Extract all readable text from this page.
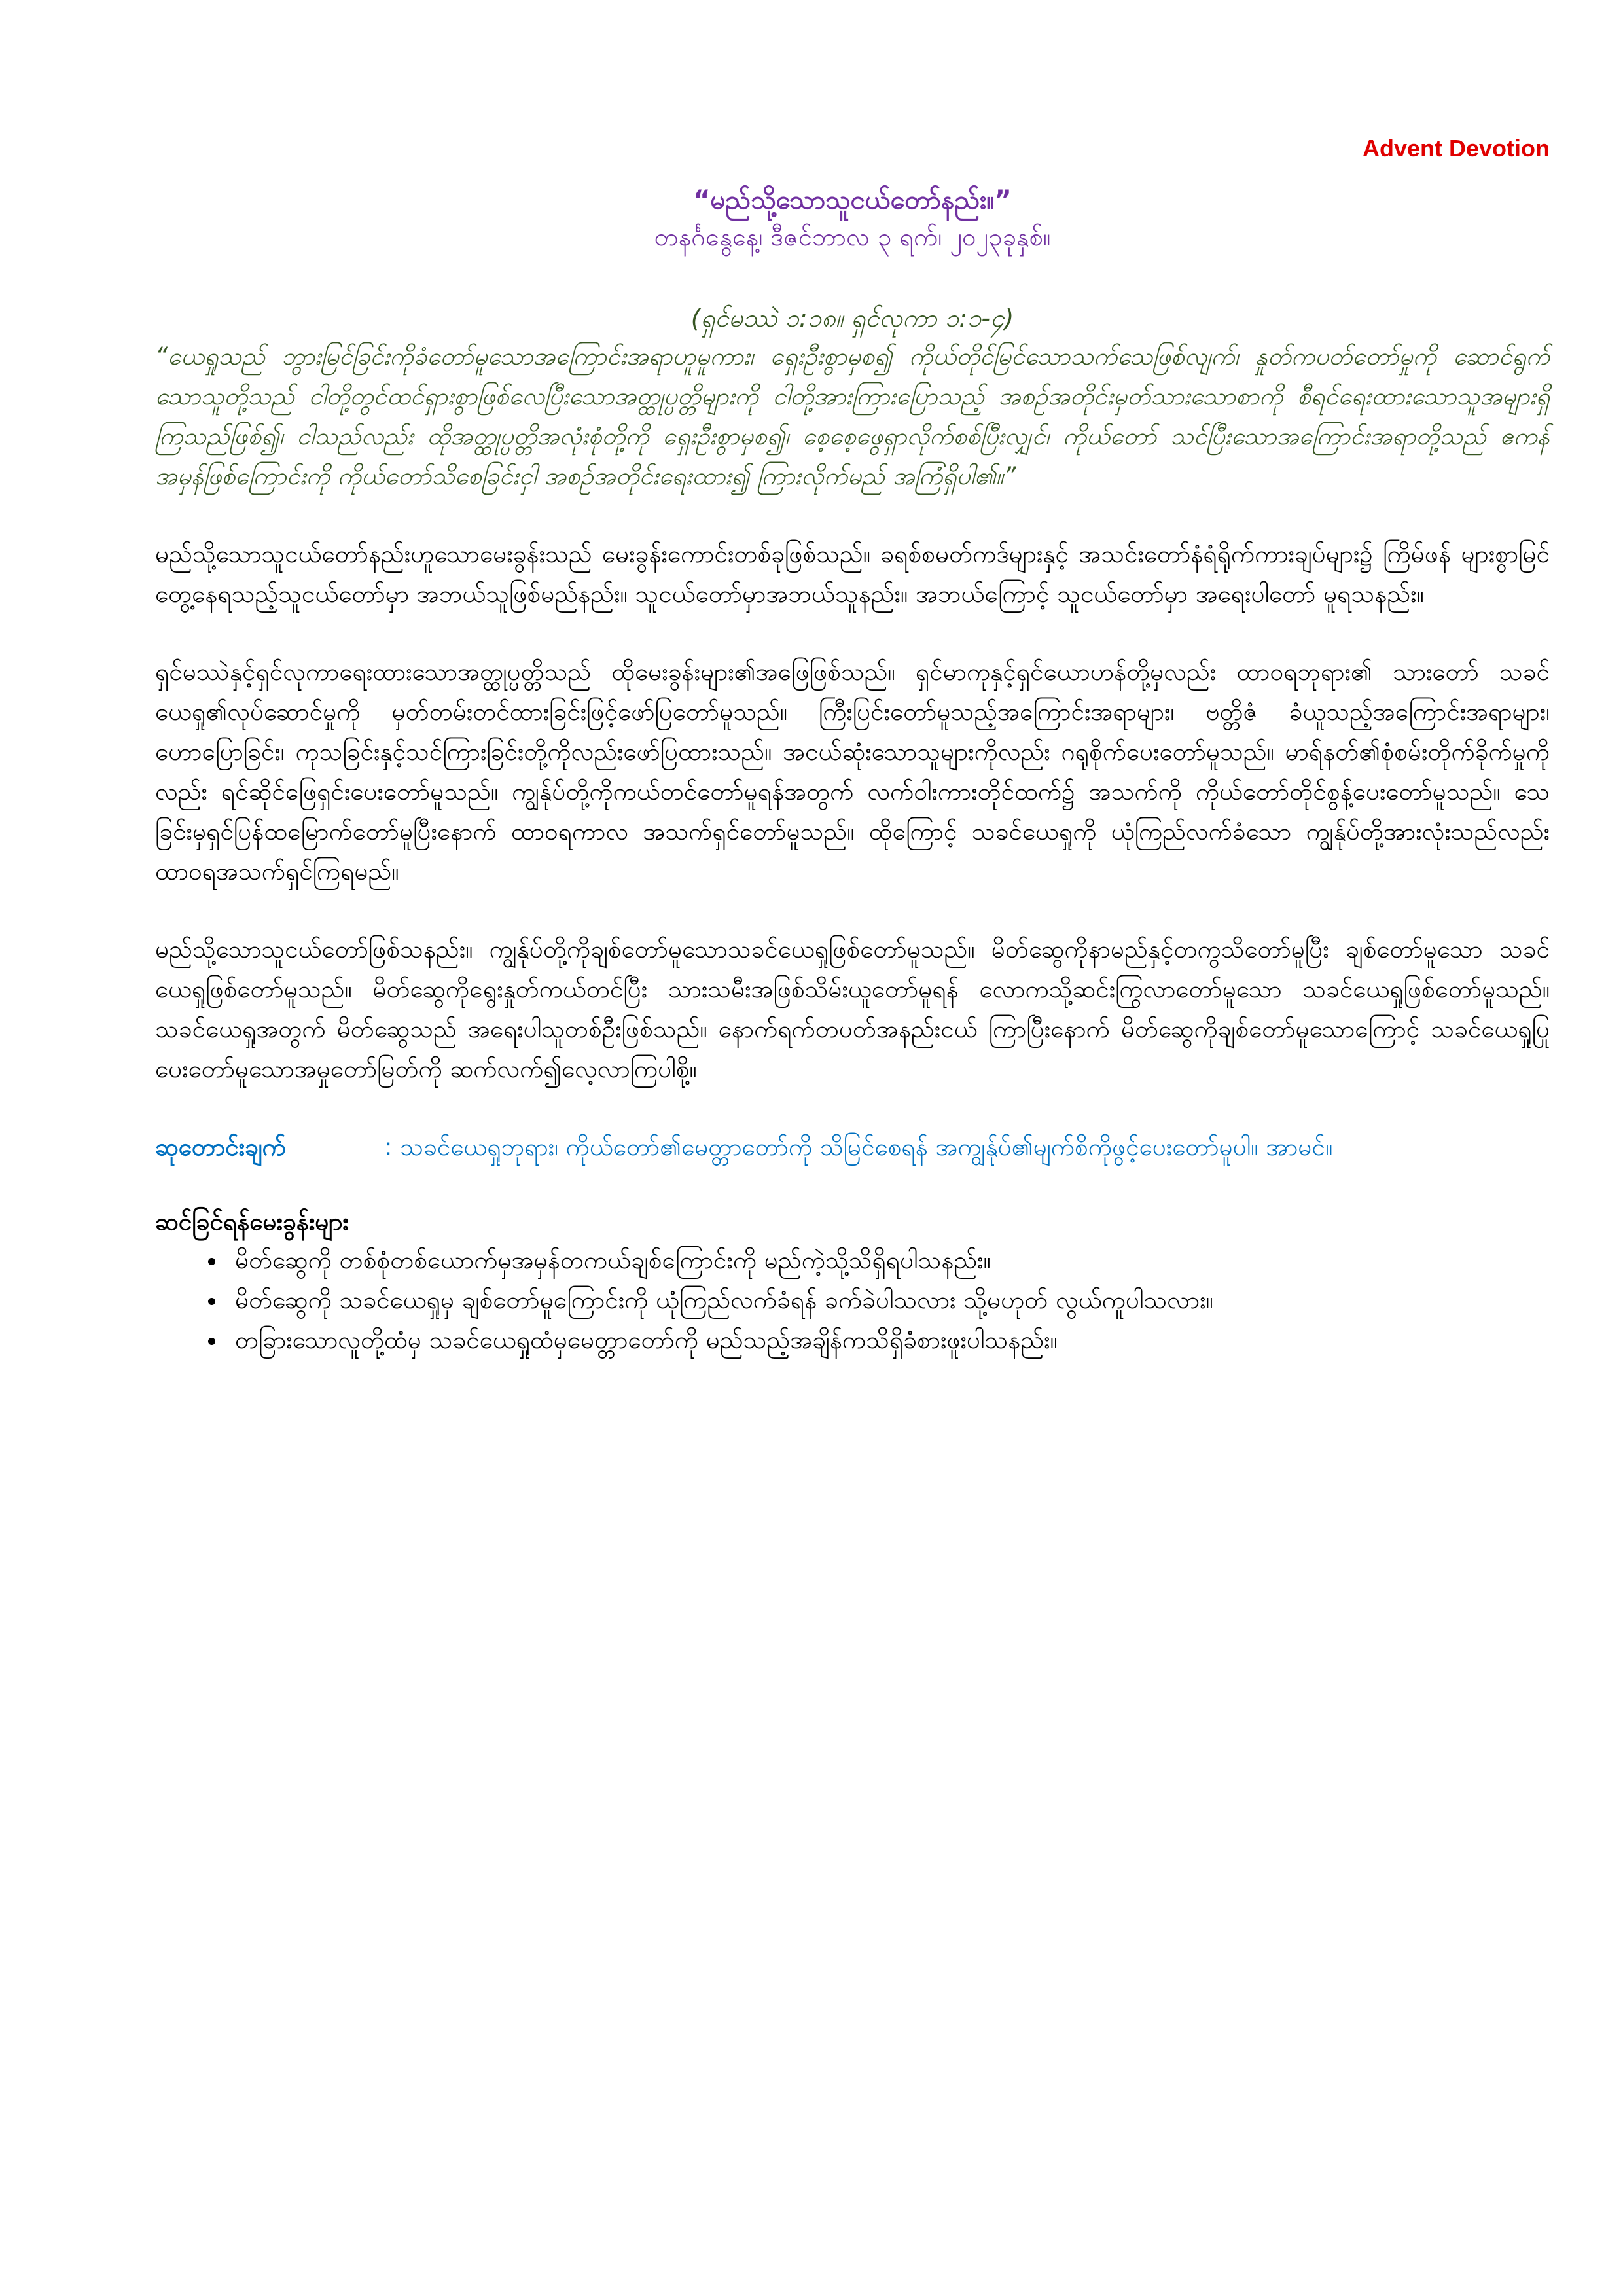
Advent Devotion
“မည်သို့သောသူငယ်တော်နည်း။”
တနင်္ဂနွေနေ့၊ ဒီဇင်ဘာလ ၃ ရက်၊ ၂၀၂၃ခုနှစ်။
(ရှင်မဿဲ ၁:၁၈။ ရှင်လုကာ ၁:၁-၄)
“ယေရှုသည် ဘွားမြင်ခြင်းကိုခံတော်မူသောအကြောင်းအရာဟူမူကား၊ ရှေးဦးစွာမှစ၍ ကိုယ်တိုင်မြင်သောသက်သေဖြစ်လျက်၊ နှုတ်ကပတ်တော်မှုကို ဆောင်ရွက်သောသူတို့သည် ငါတို့တွင်ထင်ရှားစွာဖြစ်လေပြီးသောအတ္ထုပ္ပတ္တိများကို ငါတို့အားကြားပြောသည့် အစဉ်အတိုင်းမှတ်သားသောစာကို စီရင်ရေးထားသောသူအများရှိကြသည်ဖြစ်၍၊ ငါသည်လည်း ထိုအတ္ထုပ္ပတ္တိအလုံးစုံတို့ကို ရှေးဦးစွာမှစ၍၊ စေ့စေ့ဖွေရှာလိုက်စစ်ပြီးလျှင်၊ ကိုယ်တော် သင်ပြီးသောအကြောင်းအရာတို့သည် ဧကန်အမှန်ဖြစ်ကြောင်းကို ကိုယ်တော်သိစေခြင်းငှါ အစဉ်အတိုင်းရေးထား၍ ကြားလိုက်မည် အကြံရှိပါ၏။”
မည်သို့သောသူငယ်တော်နည်းဟူသောမေးခွန်းသည် မေးခွန်းကောင်းတစ်ခုဖြစ်သည်။ ခရစ်စမတ်ကဒ်များနှင့် အသင်းတော်နံရံရိုက်ကားချပ်များ၌ ကြိမ်ဖန် များစွာမြင်တွေ့နေရသည့်သူငယ်တော်မှာ အဘယ်သူဖြစ်မည်နည်း။ သူငယ်တော်မှာအဘယ်သူနည်း။ အဘယ်ကြောင့် သူငယ်တော်မှာ အရေးပါတော် မူရသနည်း။
ရှင်မဿဲနှင့်ရှင်လုကာရေးထားသောအတ္ထုပ္ပတ္တိသည် ထိုမေးခွန်းများ၏အဖြေဖြစ်သည်။ ရှင်မာကုနှင့်ရှင်ယောဟန်တို့မှလည်း ထာဝရဘုရား၏ သားတော် သခင်ယေရှု၏လုပ်ဆောင်မှုကို မှတ်တမ်းတင်ထားခြင်းဖြင့်ဖော်ပြတော်မူသည်။ ကြီးပြင်းတော်မူသည့်အကြောင်းအရာများ၊ ဗတ္တိဇံ ခံယူသည့်အကြောင်းအရာများ၊ ဟောပြောခြင်း၊ ကုသခြင်းနှင့်သင်ကြားခြင်းတို့ကိုလည်းဖော်ပြထားသည်။ အငယ်ဆုံးသောသူများကိုလည်း ဂရုစိုက်ပေးတော်မူသည်။ မာရ်နတ်၏စုံစမ်းတိုက်ခိုက်မှုကိုလည်း ရင်ဆိုင်ဖြေရှင်းပေးတော်မူသည်။ ကျွန်ုပ်တို့ကိုကယ်တင်တော်မူရန်အတွက် လက်ဝါးကားတိုင်ထက်၌ အသက်ကို ကိုယ်တော်တိုင်စွန့်ပေးတော်မူသည်။ သေခြင်းမှရှင်ပြန်ထမြောက်တော်မူပြီးနောက် ထာဝရကာလ အသက်ရှင်တော်မူသည်။ ထိုကြောင့် သခင်ယေရှုကို ယုံကြည်လက်ခံသော ကျွန်ုပ်တို့အားလုံးသည်လည်း ထာဝရအသက်ရှင်ကြရမည်။
မည်သို့သောသူငယ်တော်ဖြစ်သနည်း။ ကျွန်ုပ်တို့ကိုချစ်တော်မူသောသခင်ယေရှုဖြစ်တော်မူသည်။ မိတ်ဆွေကိုနာမည်နှင့်တကွသိတော်မူပြီး ချစ်တော်မူသော သခင်ယေရှုဖြစ်တော်မူသည်။ မိတ်ဆွေကိုရွေးနှုတ်ကယ်တင်ပြီး သားသမီးအဖြစ်သိမ်းယူတော်မူရန် လောကသို့ဆင်းကြွလာတော်မူသော သခင်ယေရှုဖြစ်တော်မူသည်။ သခင်ယေရှုအတွက် မိတ်ဆွေသည် အရေးပါသူတစ်ဦးဖြစ်သည်။ နောက်ရက်တပတ်အနည်းငယ် ကြာပြီးနောက် မိတ်ဆွေကိုချစ်တော်မူသောကြောင့် သခင်ယေရှုပြုပေးတော်မူသောအမှုတော်မြတ်ကို ဆက်လက်၍လေ့လာကြပါစို့။
ဆုတောင်းချက်	: သခင်ယေရှုဘုရား၊ ကိုယ်တော်၏မေတ္တာတော်ကို သိမြင်စေရန် အကျွန်ုပ်၏မျက်စိကိုဖွင့်ပေးတော်မူပါ။ အာမင်။
ဆင်ခြင်ရန်မေးခွန်းများ
• မိတ်ဆွေကို တစ်စုံတစ်ယောက်မှအမှန်တကယ်ချစ်ကြောင်းကို မည်ကဲ့သို့သိရှိရပါသနည်း။
• မိတ်ဆွေကို သခင်ယေရှုမှ ချစ်တော်မူကြောင်းကို ယုံကြည်လက်ခံရန် ခက်ခဲပါသလား သို့မဟုတ် လွယ်ကူပါသလား။
• တခြားသောလူတို့ထံမှ သခင်ယေရှုထံမှမေတ္တာတော်ကို မည်သည့်အချိန်ကသိရှိခံစားဖူးပါသနည်း။
